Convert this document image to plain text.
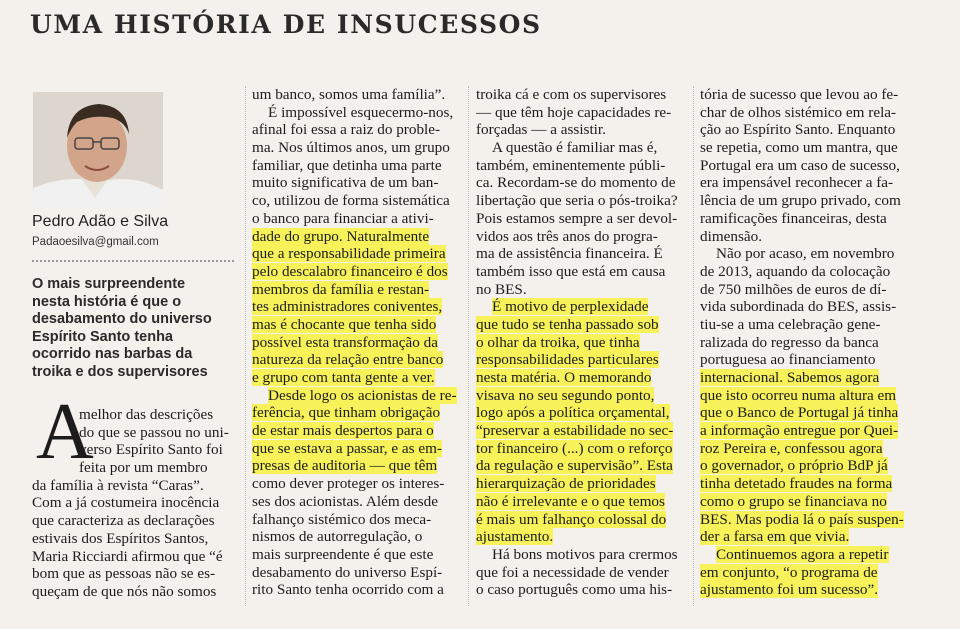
UMA HISTÓRIA DE INSUCESSOS
Pedro Adão e Silva
Padaoesilva@gmail.com
O mais surpreendente
nesta história é que o
desabamento do universo
Espírito Santo tenha
ocorrido nas barbas da
troika e dos supervisores
A
melhor das descrições
do que se passou no uni-
verso Espírito Santo foi
feita por um membro
da família à revista “Caras”.
Com a já costumeira inocência
que caracteriza as declarações
estivais dos Espíritos Santos,
Maria Ricciardi afirmou que “é
bom que as pessoas não se es-
queçam de que nós não somos
um banco, somos uma família”.
É impossível esquecermo-nos,
afinal foi essa a raiz do proble-
ma. Nos últimos anos, um grupo
familiar, que detinha uma parte
muito significativa de um ban-
co, utilizou de forma sistemática
o banco para financiar a ativi-
dade do grupo. Naturalmente
que a responsabilidade primeira
pelo descalabro financeiro é dos
membros da família e restan-
tes administradores coniventes,
mas é chocante que tenha sido
possível esta transformação da
natureza da relação entre banco
e grupo com tanta gente a ver.
Desde logo os acionistas de re-
ferência, que tinham obrigação
de estar mais despertos para o
que se estava a passar, e as em-
presas de auditoria — que têm
como dever proteger os interes-
ses dos acionistas. Além desde
falhanço sistémico dos meca-
nismos de autorregulação, o
mais surpreendente é que este
desabamento do universo Espí-
rito Santo tenha ocorrido com a
troika cá e com os supervisores
— que têm hoje capacidades re-
forçadas — a assistir.
A questão é familiar mas é,
também, eminentemente públi-
ca. Recordam-se do momento de
libertação que seria o pós-troika?
Pois estamos sempre a ser devol-
vidos aos três anos do progra-
ma de assistência financeira. É
também isso que está em causa
no BES.
É motivo de perplexidade
que tudo se tenha passado sob
o olhar da troika, que tinha
responsabilidades particulares
nesta matéria. O memorando
visava no seu segundo ponto,
logo após a política orçamental,
“preservar a estabilidade no sec-
tor financeiro (...) com o reforço
da regulação e supervisão”. Esta
hierarquização de prioridades
não é irrelevante e o que temos
é mais um falhanço colossal do
ajustamento.
Há bons motivos para crermos
que foi a necessidade de vender
o caso português como uma his-
tória de sucesso que levou ao fe-
char de olhos sistémico em rela-
ção ao Espírito Santo. Enquanto
se repetia, como um mantra, que
Portugal era um caso de sucesso,
era impensável reconhecer a fa-
lência de um grupo privado, com
ramificações financeiras, desta
dimensão.
Não por acaso, em novembro
de 2013, aquando da colocação
de 750 milhões de euros de dí-
vida subordinada do BES, assis-
tiu-se a uma celebração gene-
ralizada do regresso da banca
portuguesa ao financiamento
internacional. Sabemos agora
que isto ocorreu numa altura em
que o Banco de Portugal já tinha
a informação entregue por Quei-
roz Pereira e, confessou agora
o governador, o próprio BdP já
tinha detetado fraudes na forma
como o grupo se financiava no
BES. Mas podia lá o país suspen-
der a farsa em que vivia.
Continuemos agora a repetir
em conjunto, “o programa de
ajustamento foi um sucesso”.
